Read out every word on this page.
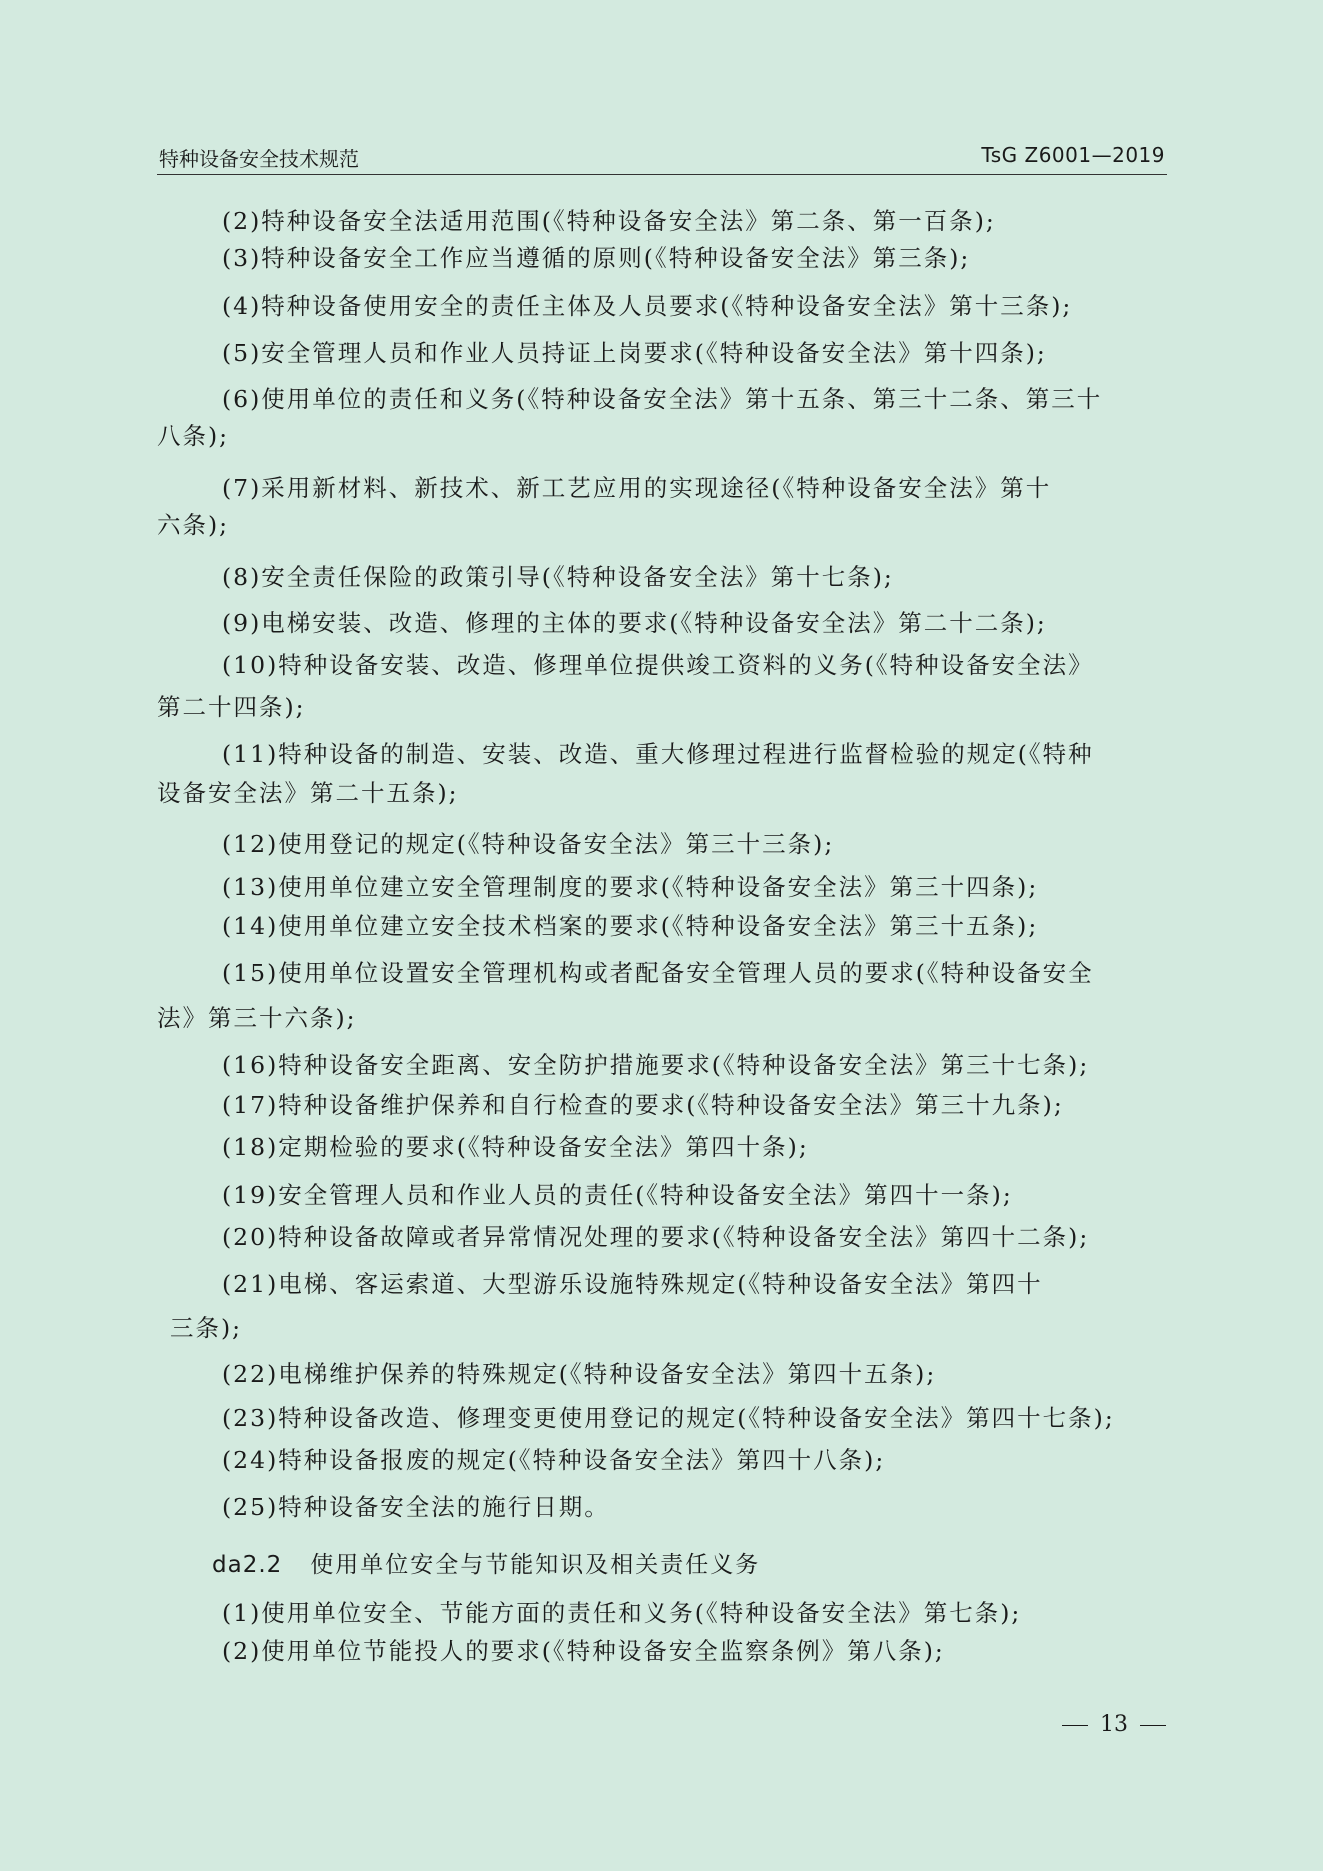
特种设备安全技术规范	TsG Z6001—2019
(2)特种设备安全法适用范围(《特种设备安全法》第二条、第一百条);
(3)特种设备安全工作应当遵循的原则(《特种设备安全法》第三条);
(4)特种设备使用安全的责任主体及人员要求(《特种设备安全法》第十三条);
(5)安全管理人员和作业人员持证上岗要求(《特种设备安全法》第十四条);
(6)使用单位的责任和义务(《特种设备安全法》第十五条、第三十二条、第三十
八条);
(7)采用新材料、新技术、新工艺应用的实现途径(《特种设备安全法》第十
六条);
(8)安全责任保险的政策引导(《特种设备安全法》第十七条);
(9)电梯安装、改造、修理的主体的要求(《特种设备安全法》第二十二条);
(10)特种设备安装、改造、修理单位提供竣工资料的义务(《特种设备安全法》
第二十四条);
(11)特种设备的制造、安装、改造、重大修理过程进行监督检验的规定(《特种
设备安全法》第二十五条);
(12)使用登记的规定(《特种设备安全法》第三十三条);
(13)使用单位建立安全管理制度的要求(《特种设备安全法》第三十四条);
(14)使用单位建立安全技术档案的要求(《特种设备安全法》第三十五条);
(15)使用单位设置安全管理机构或者配备安全管理人员的要求(《特种设备安全
法》第三十六条);
(16)特种设备安全距离、安全防护措施要求(《特种设备安全法》第三十七条);
(17)特种设备维护保养和自行检查的要求(《特种设备安全法》第三十九条);
(18)定期检验的要求(《特种设备安全法》第四十条);
(19)安全管理人员和作业人员的责任(《特种设备安全法》第四十一条);
(20)特种设备故障或者异常情况处理的要求(《特种设备安全法》第四十二条);
(21)电梯、客运索道、大型游乐设施特殊规定(《特种设备安全法》第四十
三条);
(22)电梯维护保养的特殊规定(《特种设备安全法》第四十五条);
(23)特种设备改造、修理变更使用登记的规定(《特种设备安全法》第四十七条);
(24)特种设备报废的规定(《特种设备安全法》第四十八条);
(25)特种设备安全法的施行日期。
da2.2 使用单位安全与节能知识及相关责任义务
(1)使用单位安全、节能方面的责任和义务(《特种设备安全法》第七条);
(2)使用单位节能投人的要求(《特种设备安全监察条例》第八条);
13
